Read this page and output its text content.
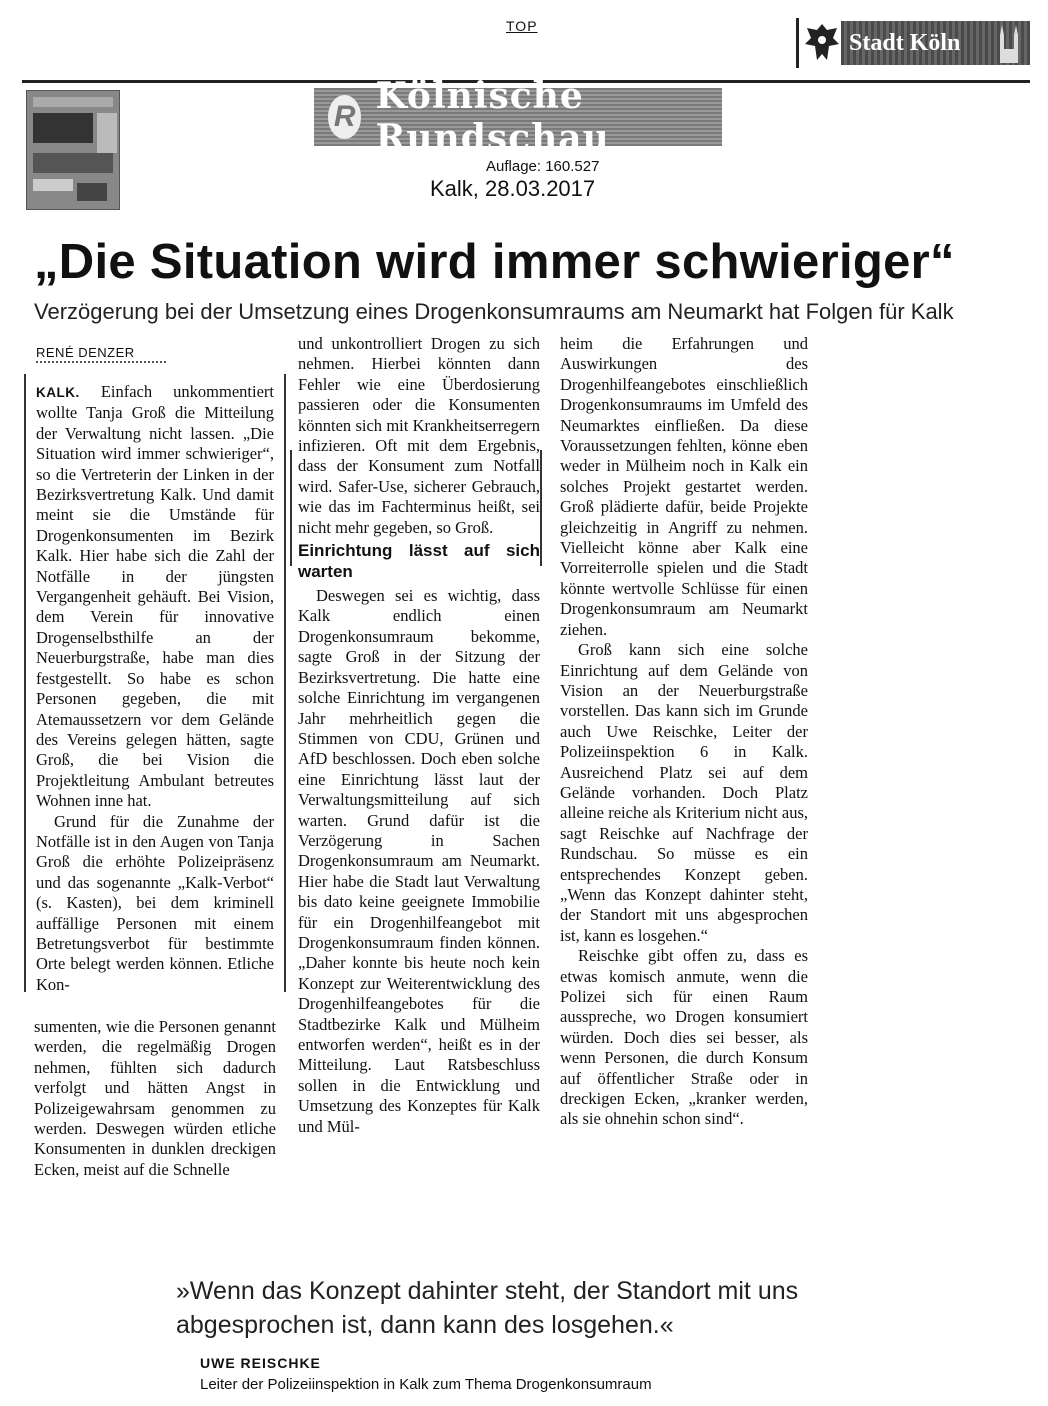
TOP
Stadt Köln
R Kölnische Rundschau
Auflage: 160.527
Kalk, 28.03.2017
„Die Situation wird immer schwieriger“
Verzögerung bei der Umsetzung eines Drogenkonsumraums am Neumarkt hat Folgen für Kalk
RENÉ DENZER

KALK. Einfach unkommentiert wollte Tanja Groß die Mitteilung der Verwaltung nicht lassen. „Die Situation wird immer schwieriger“, so die Vertreterin der Linken in der Bezirksvertretung Kalk. Und damit meint sie die Umstände für Drogenkonsumenten im Bezirk Kalk. Hier habe sich die Zahl der Notfälle in der jüngsten Vergangenheit gehäuft. Bei Vision, dem Verein für innovative Drogenselbsthilfe an der Neuerburgstraße, habe man dies festgestellt. So habe es schon Personen gegeben, die mit Atemaussetzern vor dem Gelände des Vereins gelegen hätten, sagte Groß, die bei Vision die Projektleitung Ambulant betreutes Wohnen inne hat.

Grund für die Zunahme der Notfälle ist in den Augen von Tanja Groß die erhöhte Polizeipräsenz und das sogenannte „Kalk-Verbot“ (s. Kasten), bei dem kriminell auffällige Personen mit einem Betretungsverbot für bestimmte Orte belegt werden können. Etliche Kon-

sumenten, wie die Personen genannt werden, die regelmäßig Drogen nehmen, fühlten sich dadurch verfolgt und hätten Angst in Polizeigewahrsam genommen zu werden. Deswegen würden etliche Konsumenten in dunklen dreckigen Ecken, meist auf die Schnelle

und unkontrolliert Drogen zu sich nehmen. Hierbei könnten dann Fehler wie eine Überdosierung passieren oder die Konsumenten könnten sich mit Krankheitserregern infizieren. Oft mit dem Ergebnis, dass der Konsument zum Notfall wird. Safer-Use, sicherer Gebrauch, wie das im Fachterminus heißt, sei nicht mehr gegeben, so Groß.

Einrichtung lässt auf sich warten

Deswegen sei es wichtig, dass Kalk endlich einen Drogenkonsumraum bekomme, sagte Groß in der Sitzung der Bezirksvertretung. Die hatte eine solche Einrichtung im vergangenen Jahr mehrheitlich gegen die Stimmen von CDU, Grünen und AfD beschlossen. Doch eben solche eine Einrichtung lässt laut der Verwaltungsmitteilung auf sich warten. Grund dafür ist die Verzögerung in Sachen Drogenkonsumraum am Neumarkt. Hier habe die Stadt laut Verwaltung bis dato keine geeignete Immobilie für ein Drogenhilfeangebot mit Drogenkonsumraum finden können. „Daher konnte bis heute noch kein Konzept zur Weiterentwicklung des Drogenhilfeangebotes für die Stadtbezirke Kalk und Mülheim entworfen werden“, heißt es in der Mitteilung. Laut Ratsbeschluss sollen in die Entwicklung und Umsetzung des Konzeptes für Kalk und Mül-

heim die Erfahrungen und Auswirkungen des Drogenhilfeangebotes einschließlich Drogenkonsumraums im Umfeld des Neumarktes einfließen. Da diese Voraussetzungen fehlten, könne eben weder in Mülheim noch in Kalk ein solches Projekt gestartet werden. Groß plädierte dafür, beide Projekte gleichzeitig in Angriff zu nehmen. Vielleicht könne aber Kalk eine Vorreiterrolle spielen und die Stadt könnte wertvolle Schlüsse für einen Drogenkonsumraum am Neumarkt ziehen.

Groß kann sich eine solche Einrichtung auf dem Gelände von Vision an der Neuerburgstraße vorstellen. Das kann sich im Grunde auch Uwe Reischke, Leiter der Polizeiinspektion 6 in Kalk. Ausreichend Platz sei auf dem Gelände vorhanden. Doch Platz alleine reiche als Kriterium nicht aus, sagt Reischke auf Nachfrage der Rundschau. So müsse es ein entsprechendes Konzept geben. „Wenn das Konzept dahinter steht, der Standort mit uns abgesprochen ist, kann es losgehen.“

Reischke gibt offen zu, dass es etwas komisch anmute, wenn die Polizei sich für einen Raum ausspreche, wo Drogen konsumiert würden. Doch dies sei besser, als wenn Personen, die durch Konsum auf öffentlicher Straße oder in dreckigen Ecken, „kranker werden, als sie ohnehin schon sind“.

»Wenn das Konzept dahinter steht, der Standort mit uns abgesprochen ist, dann kann des losgehen.«
UWE REISCHKE
Leiter der Polizeiinspektion in Kalk zum Thema Drogenkonsumraum
